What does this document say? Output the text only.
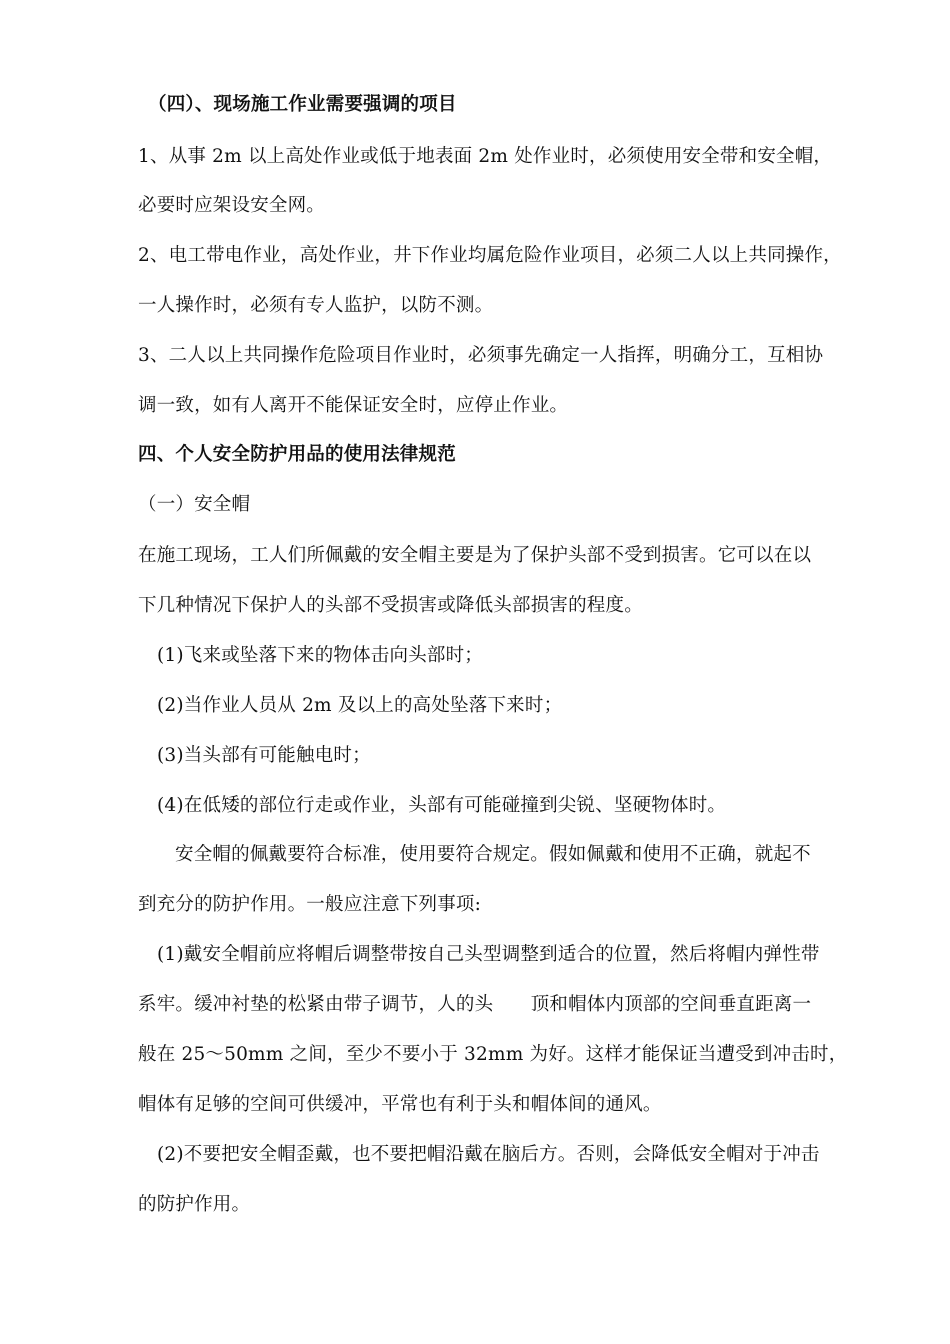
（四）、现场施工作业需要强调的项目
1、从事 2m 以上高处作业或低于地表面 2m 处作业时，必须使用安全带和安全帽，
必要时应架设安全网。
2、电工带电作业，高处作业，井下作业均属危险作业项目，必须二人以上共同操作，
一人操作时，必须有专人监护，以防不测。
3、二人以上共同操作危险项目作业时，必须事先确定一人指挥，明确分工，互相协
调一致，如有人离开不能保证安全时，应停止作业。
四、个人安全防护用品的使用法律规范
（一）安全帽
在施工现场，工人们所佩戴的安全帽主要是为了保护头部不受到损害。它可以在以
下几种情况下保护人的头部不受损害或降低头部损害的程度。
(1)飞来或坠落下来的物体击向头部时；
(2)当作业人员从 2m 及以上的高处坠落下来时；
(3)当头部有可能触电时；
(4)在低矮的部位行走或作业，头部有可能碰撞到尖锐、坚硬物体时。
安全帽的佩戴要符合标准，使用要符合规定。假如佩戴和使用不正确，就起不
到充分的防护作用。一般应注意下列事项:
(1)戴安全帽前应将帽后调整带按自己头型调整到适合的位置，然后将帽内弹性带
系牢。缓冲衬垫的松紧由带子调节，人的头　　顶和帽体内顶部的空间垂直距离一
般在 25～50mm 之间，至少不要小于 32mm 为好。这样才能保证当遭受到冲击时，
帽体有足够的空间可供缓冲，平常也有利于头和帽体间的通风。
(2)不要把安全帽歪戴，也不要把帽沿戴在脑后方。否则，会降低安全帽对于冲击
的防护作用。
